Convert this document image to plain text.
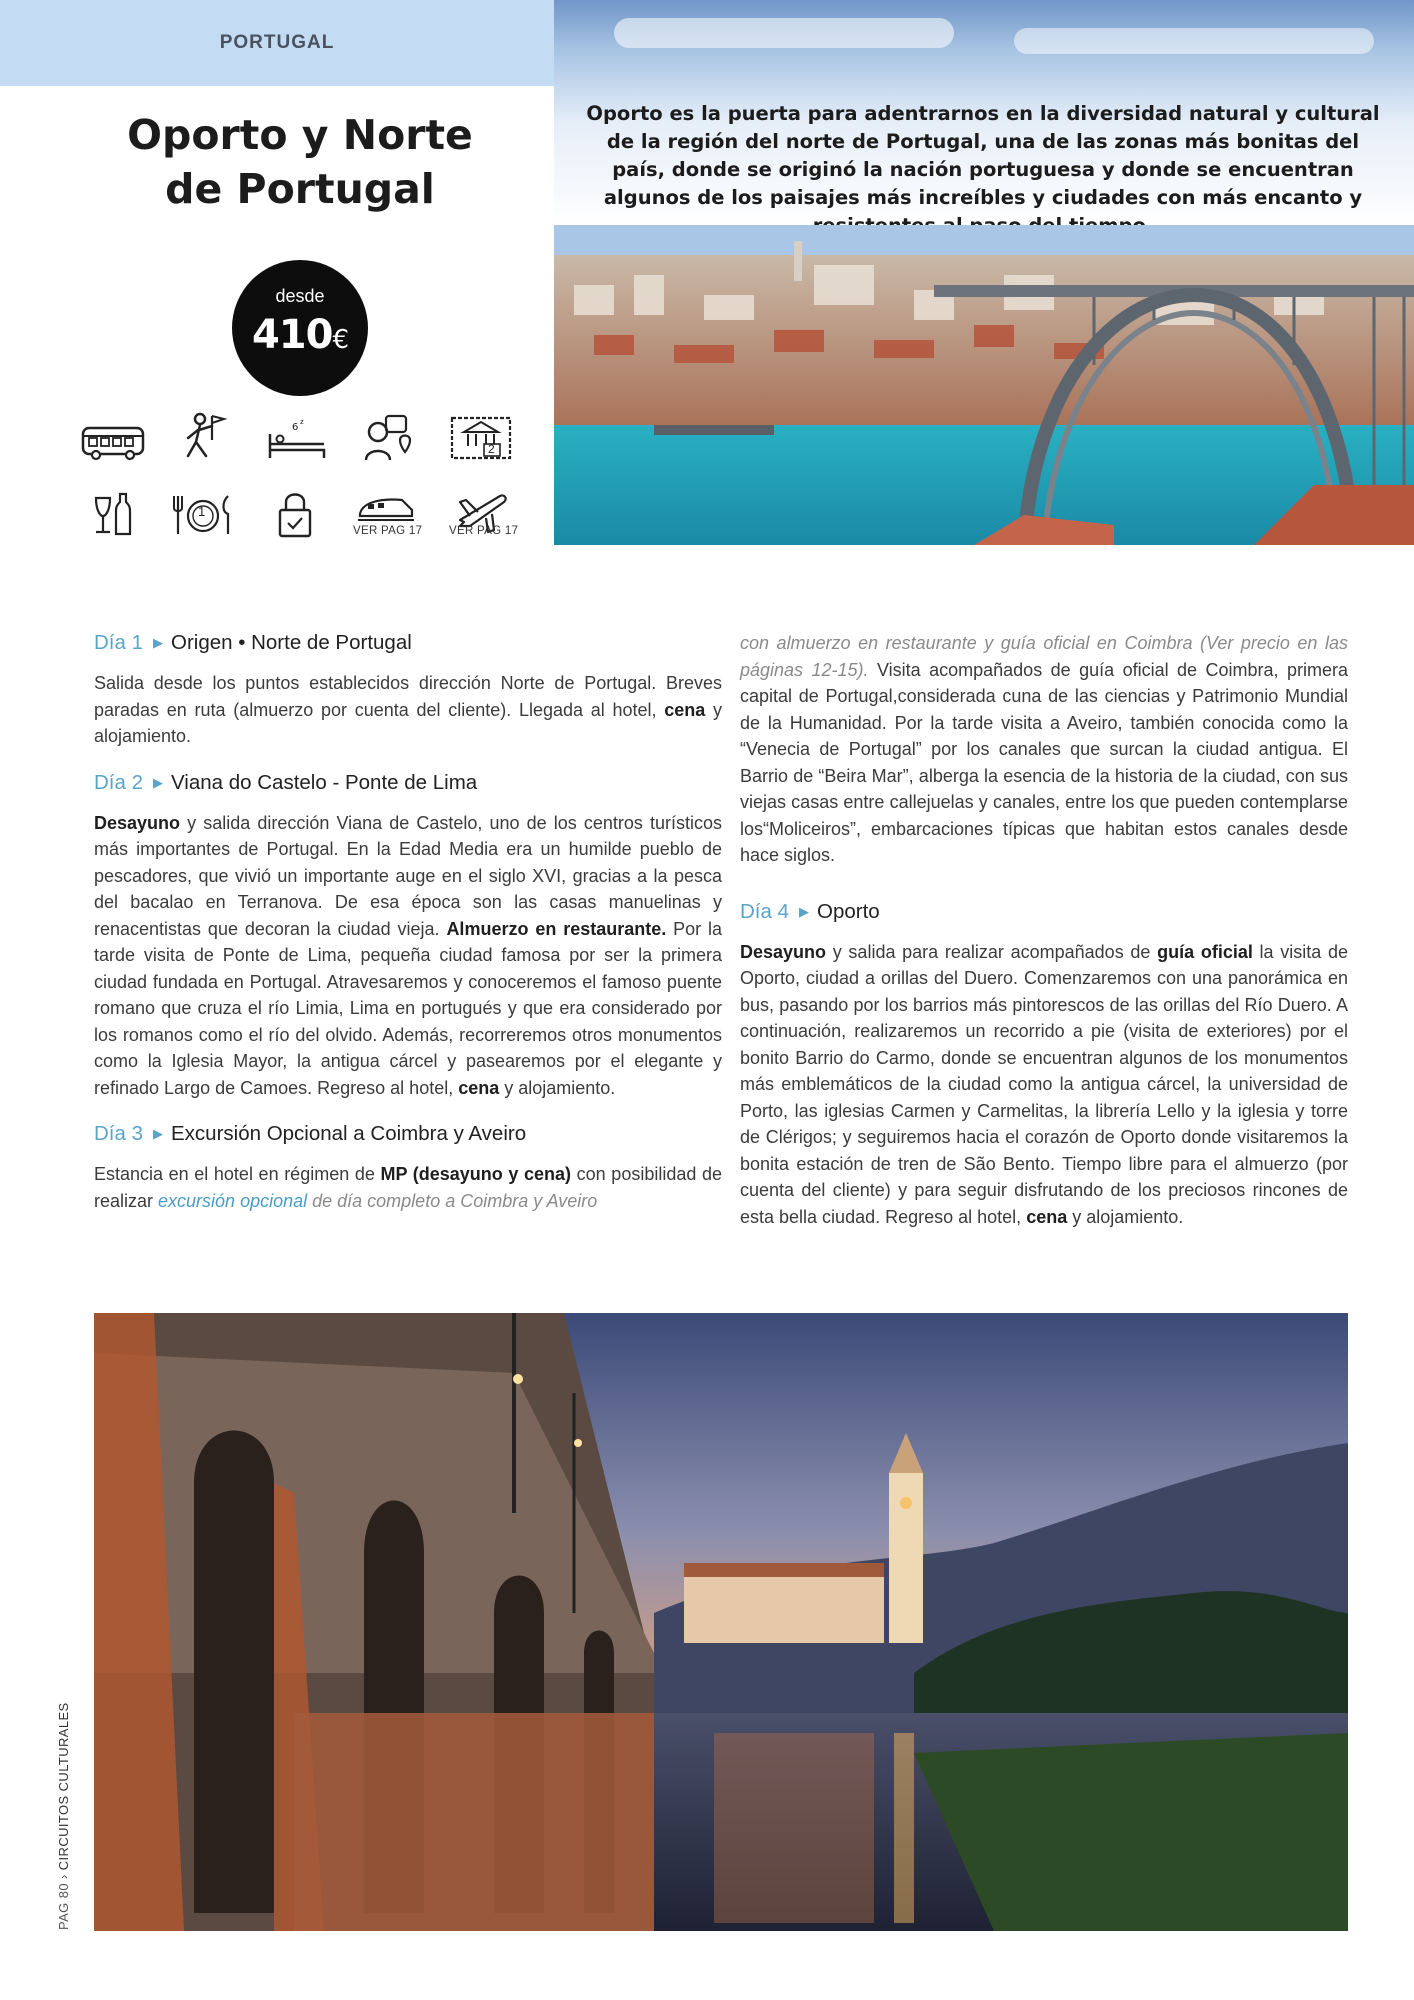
PORTUGAL
Oporto es la puerta para adentrarnos en la diversidad natural y cultural de la región del norte de Portugal, una de las zonas más bonitas del país, donde se originó la nación portuguesa y donde se encuentran algunos de los paisajes más increíbles y ciudades con más encanto y
Oporto y Norte
de Portugal
desde
410€
6 z
2
1
VER PAG 17 VER PAG 17
Día 1 ▶ Origen • Norte de Portugal

Salida desde los puntos establecidos dirección Norte de Portugal. Breves paradas en ruta (almuerzo por cuenta del cliente). Llegada al hotel, cena y alojamiento.

Día 2 ▶ Viana do Castelo - Ponte de Lima

Desayuno y salida dirección Viana de Castelo, uno de los centros turísticos más importantes de Portugal. En la Edad Media era un humilde pueblo de pescadores, que vivió un importante auge en el siglo XVI, gracias a la pesca del bacalao en Terranova. De esa época son las casas manuelinas y renacentistas que decoran la ciudad vieja. Almuerzo en restaurante. Por la tarde visita de Ponte de Lima, pequeña ciudad famosa por ser la primera ciudad fundada en Portugal. Atravesaremos y conoceremos el famoso puente romano que cruza el río Limia, Lima en portugués y que era considerado por los romanos como el río del olvido. Además, recorreremos otros monumentos como la Iglesia Mayor, la antigua cárcel y pasearemos por el elegante y refinado Largo de Camoes. Regreso al hotel, cena y alojamiento.

Día 3 ▶ Excursión Opcional a Coimbra y Aveiro

Estancia en el hotel en régimen de MP (desayuno y cena) con posibilidad de realizar excursión opcional de día completo a Coimbra y Aveiro

con almuerzo en restaurante y guía oficial en Coimbra (Ver precio en las páginas 12-15). Visita acompañados de guía oficial de Coimbra, primera capital de Portugal,considerada cuna de las ciencias y Patrimonio Mundial de la Humanidad. Por la tarde visita a Aveiro, también conocida como la “Venecia de Portugal” por los canales que surcan la ciudad antigua. El Barrio de “Beira Mar”, alberga la esencia de la historia de la ciudad, con sus viejas casas entre callejuelas y canales, entre los que pueden contemplarse los“Moliceiros”, embarcaciones típicas que habitan estos canales desde hace siglos.

Día 4 ▶ Oporto

Desayuno y salida para realizar acompañados de guía oficial la visita de Oporto, ciudad a orillas del Duero. Comenzaremos con una panorámica en bus, pasando por los barrios más pintorescos de las orillas del Río Duero. A continuación, realizaremos un recorrido a pie (visita de exteriores) por el bonito Barrio do Carmo, donde se encuentran algunos de los monumentos más emblemáticos de la ciudad como la antigua cárcel, la universidad de Porto, las iglesias Carmen y Carmelitas, la librería Lello y la iglesia y torre de Clérigos; y seguiremos hacia el corazón de Oporto donde visitaremos la bonita estación de tren de São Bento. Tiempo libre para el almuerzo (por cuenta del cliente) y para seguir disfrutando de los preciosos rincones de esta bella ciudad. Regreso al hotel, cena y alojamiento.

PAG 80 › CIRCUITOS CULTURALES
